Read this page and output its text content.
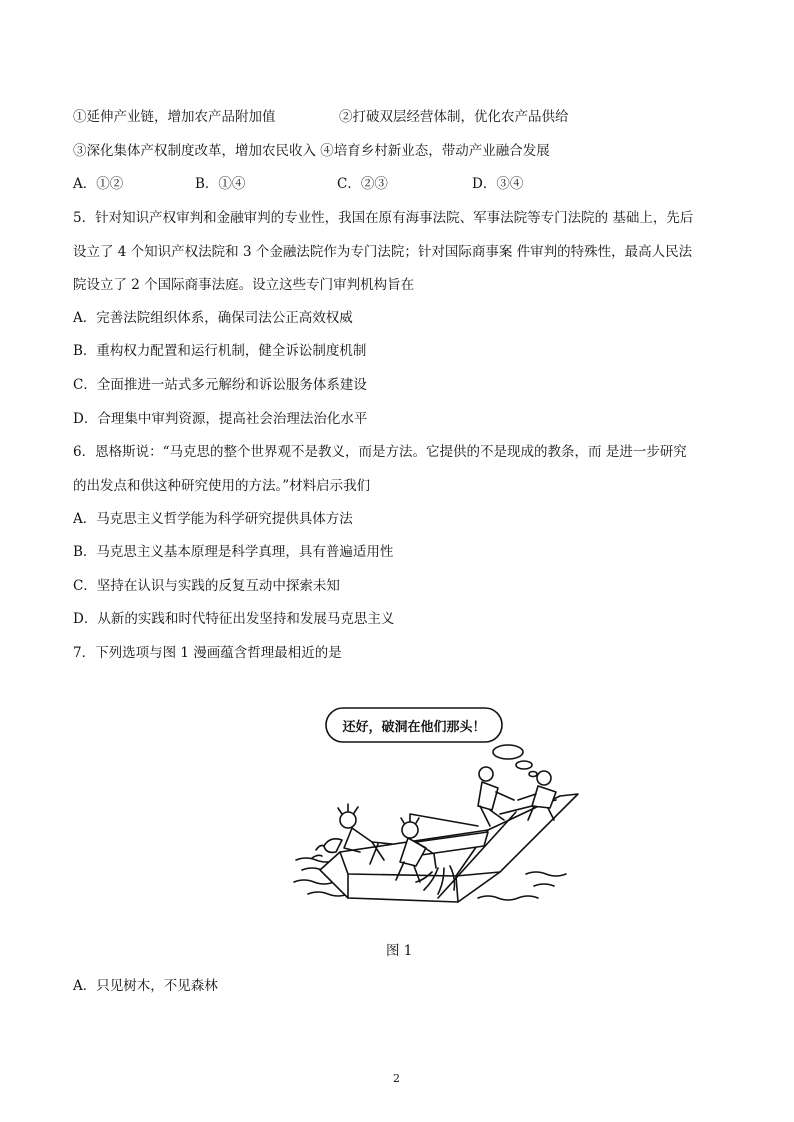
①延伸产业链，增加农产品附加值	②打破双层经营体制，优化农产品供给
③深化集体产权制度改革，增加农民收入 ④培育乡村新业态，带动产业融合发展
A．①②	B．①④	C．②③	D．③④
5．针对知识产权审判和金融审判的专业性，我国在原有海事法院、军事法院等专门法院的 基础上，先后
设立了 4 个知识产权法院和 3 个金融法院作为专门法院；针对国际商事案 件审判的特殊性，最高人民法
院设立了 2 个国际商事法庭。设立这些专门审判机构旨在
A．完善法院组织体系，确保司法公正高效权威
B．重构权力配置和运行机制，健全诉讼制度机制
C．全面推进一站式多元解纷和诉讼服务体系建设
D．合理集中审判资源，提高社会治理法治化水平
6．恩格斯说：“马克思的整个世界观不是教义，而是方法。它提供的不是现成的教条，而 是进一步研究
的出发点和供这种研究使用的方法。”材料启示我们
A．马克思主义哲学能为科学研究提供具体方法
B．马克思主义基本原理是科学真理，具有普遍适用性
C．坚持在认识与实践的反复互动中探索未知
D．从新的实践和时代特征出发坚持和发展马克思主义
7．下列选项与图 1 漫画蕴含哲理最相近的是
还好，破洞在他们那头！
图 1
A．只见树木，不见森林
2
